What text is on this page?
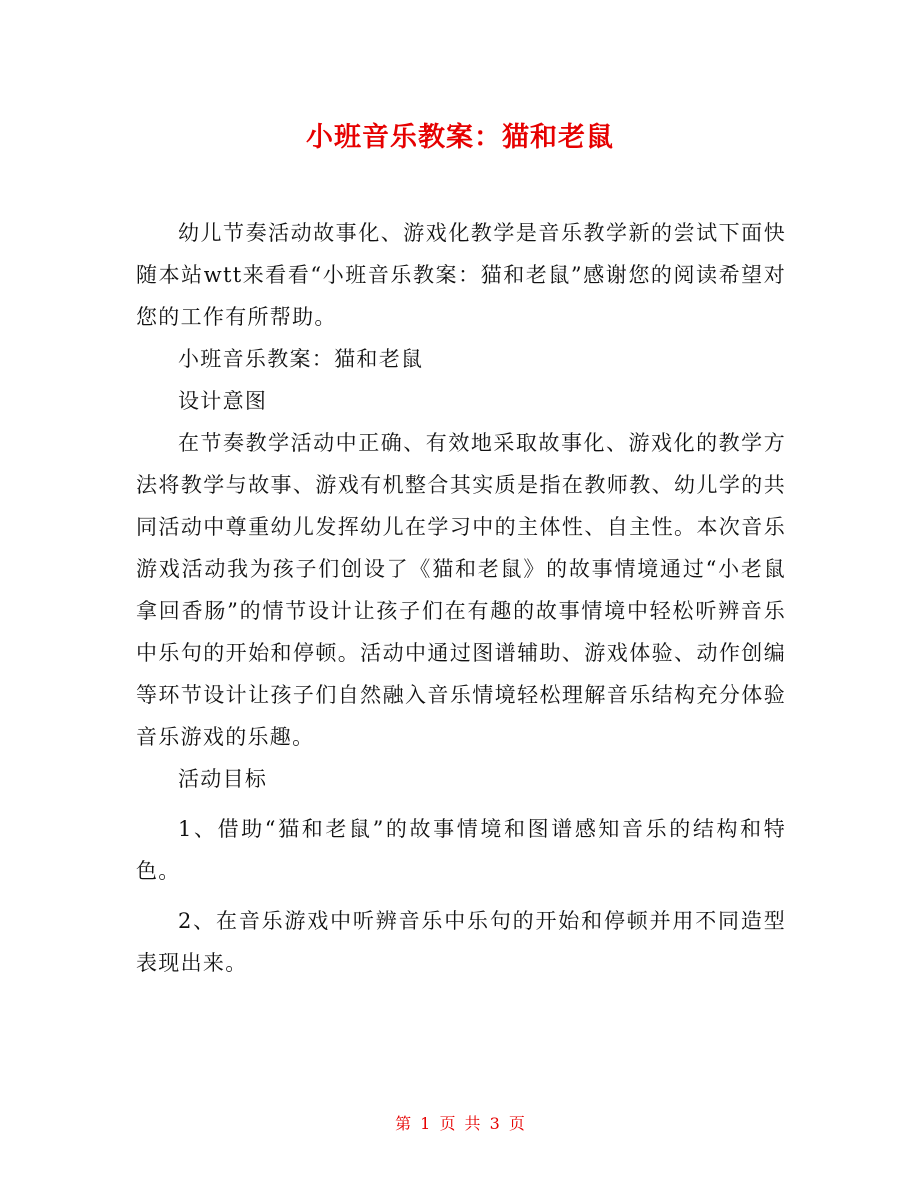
小班音乐教案：猫和老鼠

幼儿节奏活动故事化、游戏化教学是音乐教学新的尝试下面快随本站wtt来看看“小班音乐教案：猫和老鼠”感谢您的阅读希望对您的工作有所帮助。

小班音乐教案：猫和老鼠

设计意图

在节奏教学活动中正确、有效地采取故事化、游戏化的教学方法将教学与故事、游戏有机整合其实质是指在教师教、幼儿学的共同活动中尊重幼儿发挥幼儿在学习中的主体性、自主性。本次音乐游戏活动我为孩子们创设了《猫和老鼠》的故事情境通过“小老鼠拿回香肠”的情节设计让孩子们在有趣的故事情境中轻松听辨音乐中乐句的开始和停顿。活动中通过图谱辅助、游戏体验、动作创编等环节设计让孩子们自然融入音乐情境轻松理解音乐结构充分体验音乐游戏的乐趣。

活动目标

1、借助“猫和老鼠”的故事情境和图谱感知音乐的结构和特色。

2、在音乐游戏中听辨音乐中乐句的开始和停顿并用不同造型表现出来。

第 1 页 共 3 页
